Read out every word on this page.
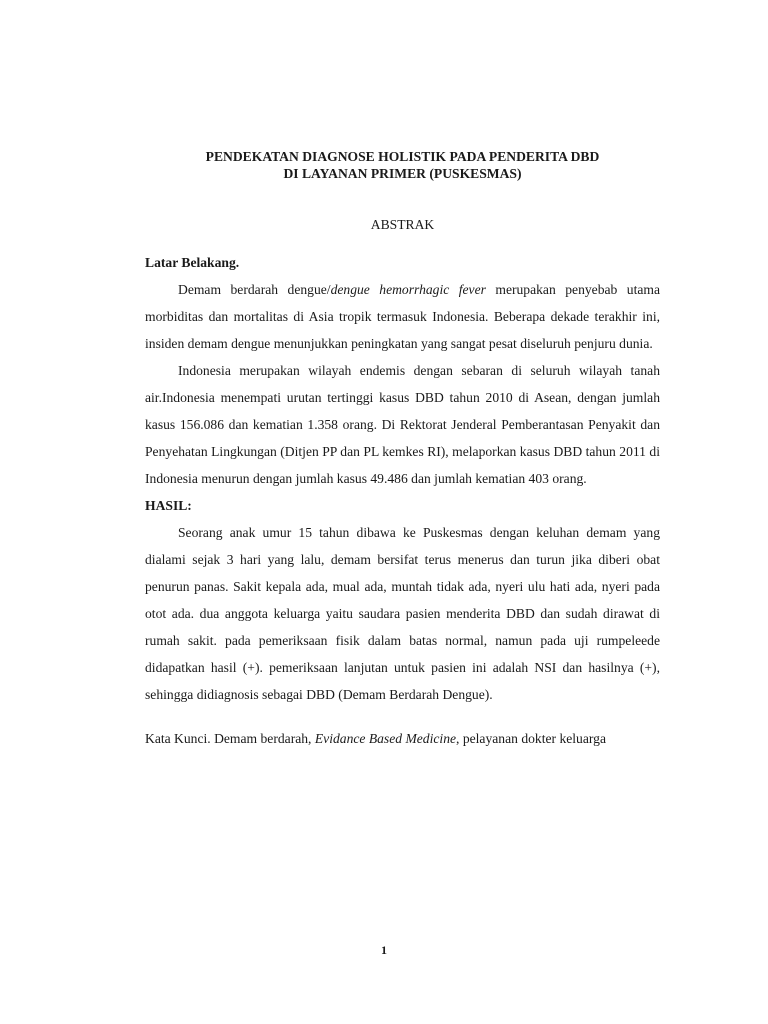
PENDEKATAN DIAGNOSE HOLISTIK PADA PENDERITA DBD
DI LAYANAN PRIMER (PUSKESMAS)

ABSTRAK

Latar Belakang.

Demam berdarah dengue/dengue hemorrhagic fever merupakan penyebab utama morbiditas dan mortalitas di Asia tropik termasuk Indonesia. Beberapa dekade terakhir ini, insiden demam dengue menunjukkan peningkatan yang sangat pesat diseluruh penjuru dunia.

Indonesia merupakan wilayah endemis dengan sebaran di seluruh wilayah tanah air.Indonesia menempati urutan tertinggi kasus DBD tahun 2010 di Asean, dengan jumlah kasus 156.086 dan kematian 1.358 orang. Di Rektorat Jenderal Pemberantasan Penyakit dan Penyehatan Lingkungan (Ditjen PP dan PL kemkes RI), melaporkan kasus DBD tahun 2011 di Indonesia menurun dengan jumlah kasus 49.486 dan jumlah kematian 403 orang.

HASIL:

Seorang anak umur 15 tahun dibawa ke Puskesmas dengan keluhan demam yang dialami sejak 3 hari yang lalu, demam bersifat terus menerus dan turun jika diberi obat penurun panas. Sakit kepala ada, mual ada, muntah tidak ada, nyeri ulu hati ada, nyeri pada otot ada. dua anggota keluarga yaitu saudara pasien menderita DBD dan sudah dirawat di rumah sakit. pada pemeriksaan fisik dalam batas normal, namun pada uji rumpeleede didapatkan hasil (+). pemeriksaan lanjutan untuk pasien ini adalah NSI dan hasilnya (+), sehingga didiagnosis sebagai DBD (Demam Berdarah Dengue).

Kata Kunci. Demam berdarah, Evidance Based Medicine, pelayanan dokter keluarga

1
